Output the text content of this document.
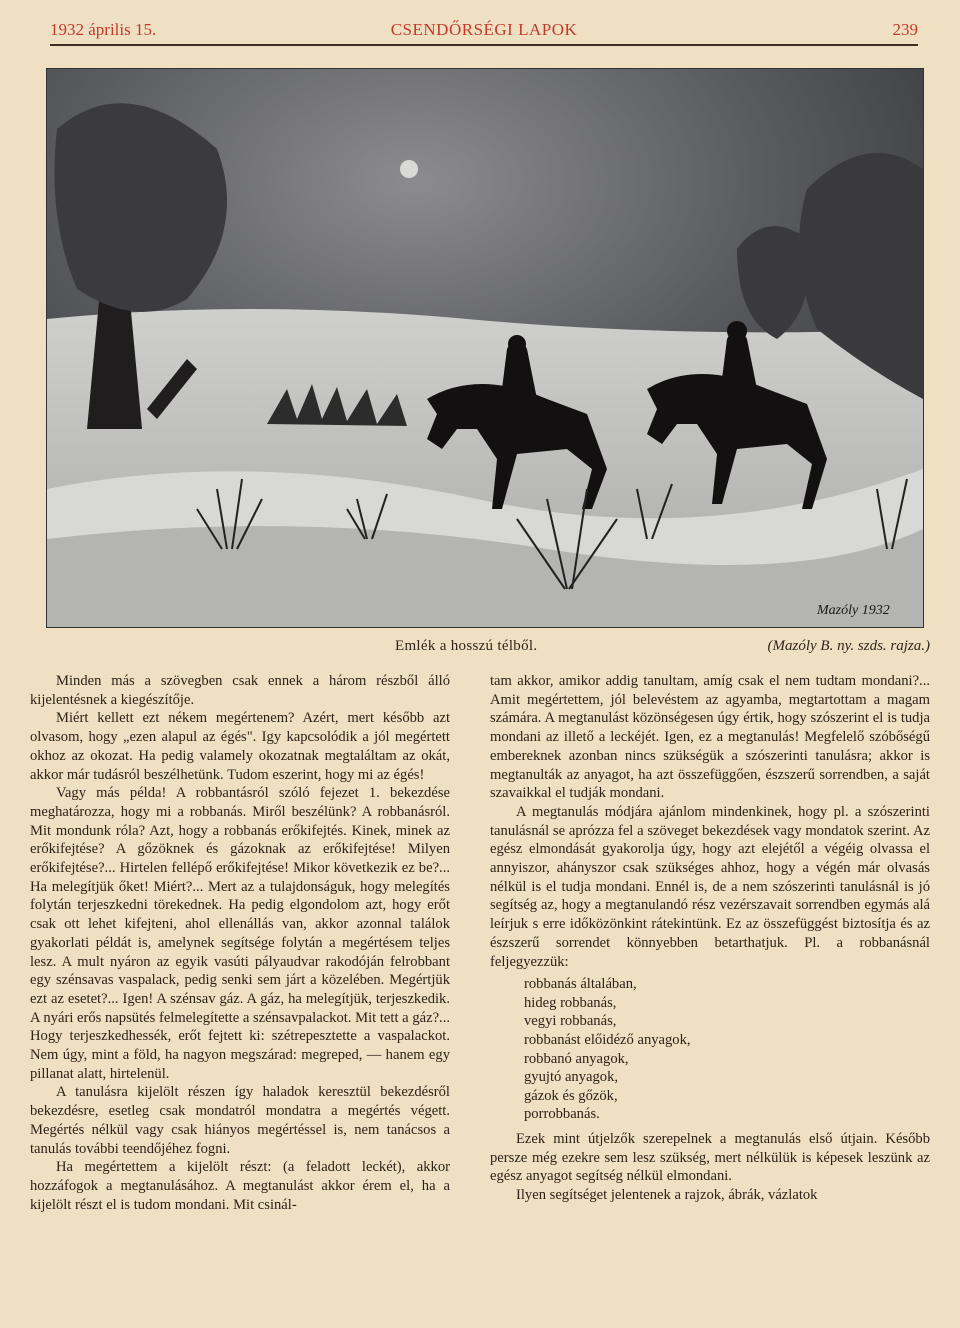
1932 április 15.	CSENDŐRSÉGI LAPOK	239
Mazóly 1932
Emlék a hosszú télből.	(Mazóly B. ny. szds. rajza.)

Minden más a szövegben csak ennek a három részből álló kijelentésnek a kiegészítője.

Miért kellett ezt nékem megértenem? Azért, mert később azt olvasom, hogy „ezen alapul az égés". Igy kapcsolódik a jól megértett okhoz az okozat. Ha pedig valamely okozatnak megtaláltam az okát, akkor már tudásról beszélhetünk. Tudom eszerint, hogy mi az égés!

Vagy más példa! A robbantásról szóló fejezet 1. bekezdése meghatározza, hogy mi a robbanás. Miről beszélünk? A robbanásról. Mit mondunk róla? Azt, hogy a robbanás erőkifejtés. Kinek, minek az erőkifejtése? A gőzöknek és gázoknak az erőkifejtése! Milyen erőkifejtése?... Hirtelen fellépő erőkifejtése! Mikor következik ez be?... Ha melegítjük őket! Miért?... Mert az a tulajdonságuk, hogy melegítés folytán terjeszkedni törekednek. Ha pedig elgondolom azt, hogy erőt csak ott lehet kifejteni, ahol ellenállás van, akkor azonnal találok gyakorlati példát is, amelynek segítsége folytán a megértésem teljes lesz. A mult nyáron az egyik vasúti pályaudvar rakodóján felrobbant egy szénsavas vaspalack, pedig senki sem járt a közelében. Megértjük ezt az esetet?... Igen! A szénsav gáz. A gáz, ha melegítjük, terjeszkedik. A nyári erős napsütés felmelegítette a szénsavpalackot. Mit tett a gáz?... Hogy terjeszkedhessék, erőt fejtett ki: szétrepesztette a vaspalackot. Nem úgy, mint a föld, ha nagyon megszárad: megreped, — hanem egy pillanat alatt, hirtelenül.

A tanulásra kijelölt részen így haladok keresztül bekezdésről bekezdésre, esetleg csak mondatról mondatra a megértés végett. Megértés nélkül vagy csak hiányos megértéssel is, nem tanácsos a tanulás további teendőjéhez fogni.

Ha megértettem a kijelölt részt: (a feladott leckét), akkor hozzáfogok a megtanulásához. A megtanulást akkor érem el, ha a kijelölt részt el is tudom mondani. Mit csinál-

tam akkor, amikor addig tanultam, amíg csak el nem tudtam mondani?... Amit megértettem, jól belevéstem az agyamba, megtartottam a magam számára. A megtanulást közönségesen úgy értik, hogy szószerint el is tudja mondani az illető a leckéjét. Igen, ez a megtanulás! Megfelelő szóbőségű embereknek azonban nincs szükségük a szószerinti tanulásra; akkor is megtanulták az anyagot, ha azt összefüggően, észszerű sorrendben, a saját szavaikkal el tudják mondani.

A megtanulás módjára ajánlom mindenkinek, hogy pl. a szószerinti tanulásnál se aprózza fel a szöveget bekezdések vagy mondatok szerint. Az egész elmondását gyakorolja úgy, hogy azt elejétől a végéig olvassa el annyiszor, ahányszor csak szükséges ahhoz, hogy a végén már olvasás nélkül is el tudja mondani. Ennél is, de a nem szószerinti tanulásnál is jó segítség az, hogy a megtanulandó rész vezérszavait sorrendben egymás alá leírjuk s erre időközönkint rátekintünk. Ez az összefüggést biztosítja és az észszerű sorrendet könnyebben betarthatjuk. Pl. a robbanásnál feljegyezzük:

robbanás általában,
hideg robbanás,
vegyi robbanás,
robbanást előidéző anyagok,
robbanó anyagok,
gyujtó anyagok,
gázok és gőzök,
porrobbanás.

Ezek mint útjelzők szerepelnek a megtanulás első útjain. Később persze még ezekre sem lesz szükség, mert nélkülük is képesek leszünk az egész anyagot segítség nélkül elmondani.

Ilyen segítséget jelentenek a rajzok, ábrák, vázlatok
